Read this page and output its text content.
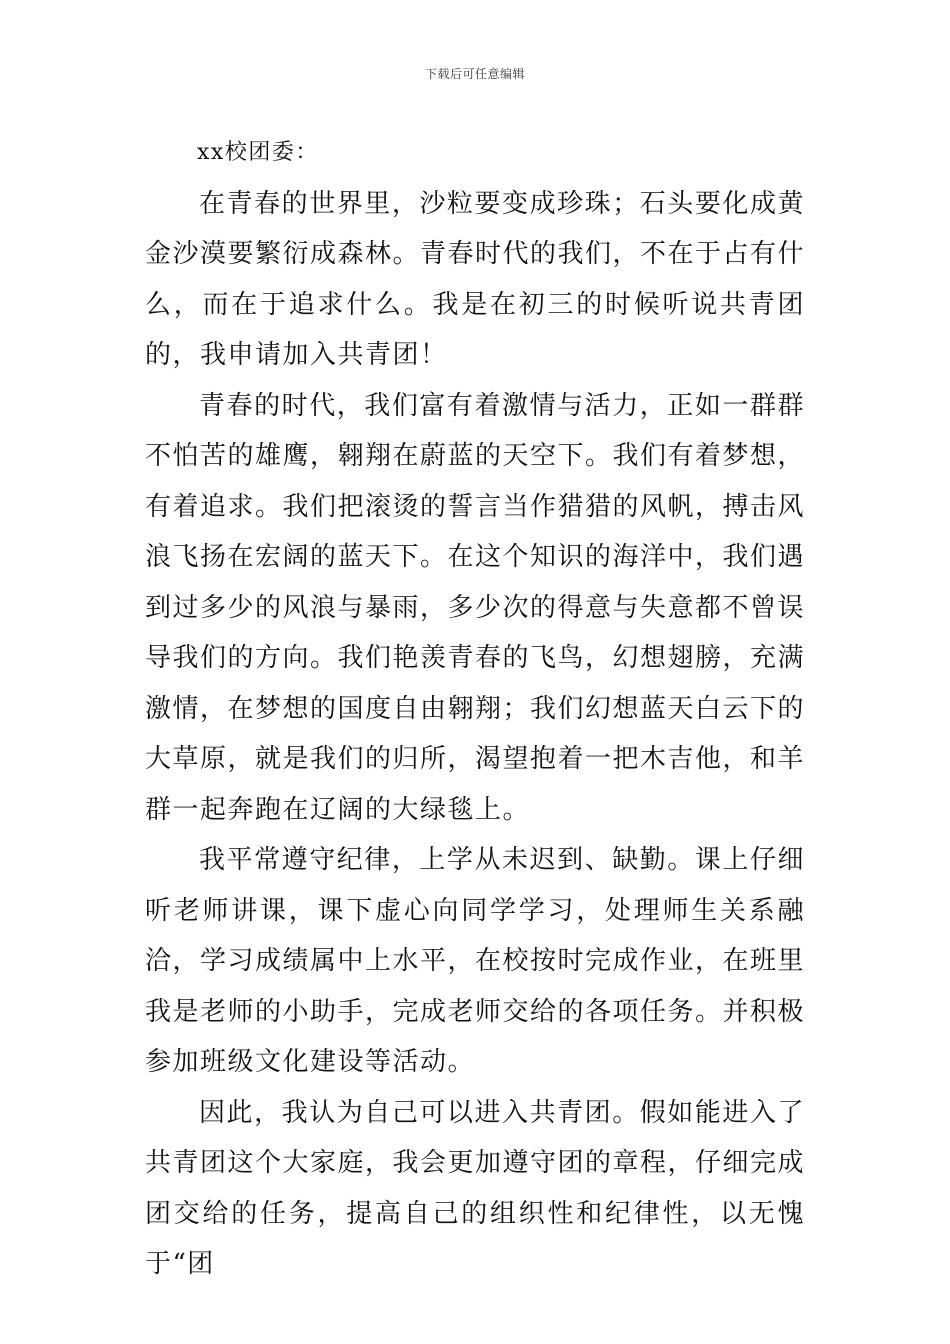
下载后可任意编辑

xx校团委：

在青春的世界里，沙粒要变成珍珠；石头要化成黄金沙漠要繁衍成森林。青春时代的我们，不在于占有什么，而在于追求什么。我是在初三的时候听说共青团的，我申请加入共青团！

青春的时代，我们富有着激情与活力，正如一群群不怕苦的雄鹰，翱翔在蔚蓝的天空下。我们有着梦想，有着追求。我们把滚烫的誓言当作猎猎的风帆，搏击风浪飞扬在宏阔的蓝天下。在这个知识的海洋中，我们遇到过多少的风浪与暴雨，多少次的得意与失意都不曾误导我们的方向。我们艳羡青春的飞鸟，幻想翅膀，充满激情，在梦想的国度自由翱翔；我们幻想蓝天白云下的大草原，就是我们的归所，渴望抱着一把木吉他，和羊群一起奔跑在辽阔的大绿毯上。

我平常遵守纪律，上学从未迟到、缺勤。课上仔细听老师讲课，课下虚心向同学学习，处理师生关系融洽，学习成绩属中上水平，在校按时完成作业，在班里我是老师的小助手，完成老师交给的各项任务。并积极参加班级文化建设等活动。

因此，我认为自己可以进入共青团。假如能进入了共青团这个大家庭，我会更加遵守团的章程，仔细完成团交给的任务，提高自己的组织性和纪律性，以无愧于“团
